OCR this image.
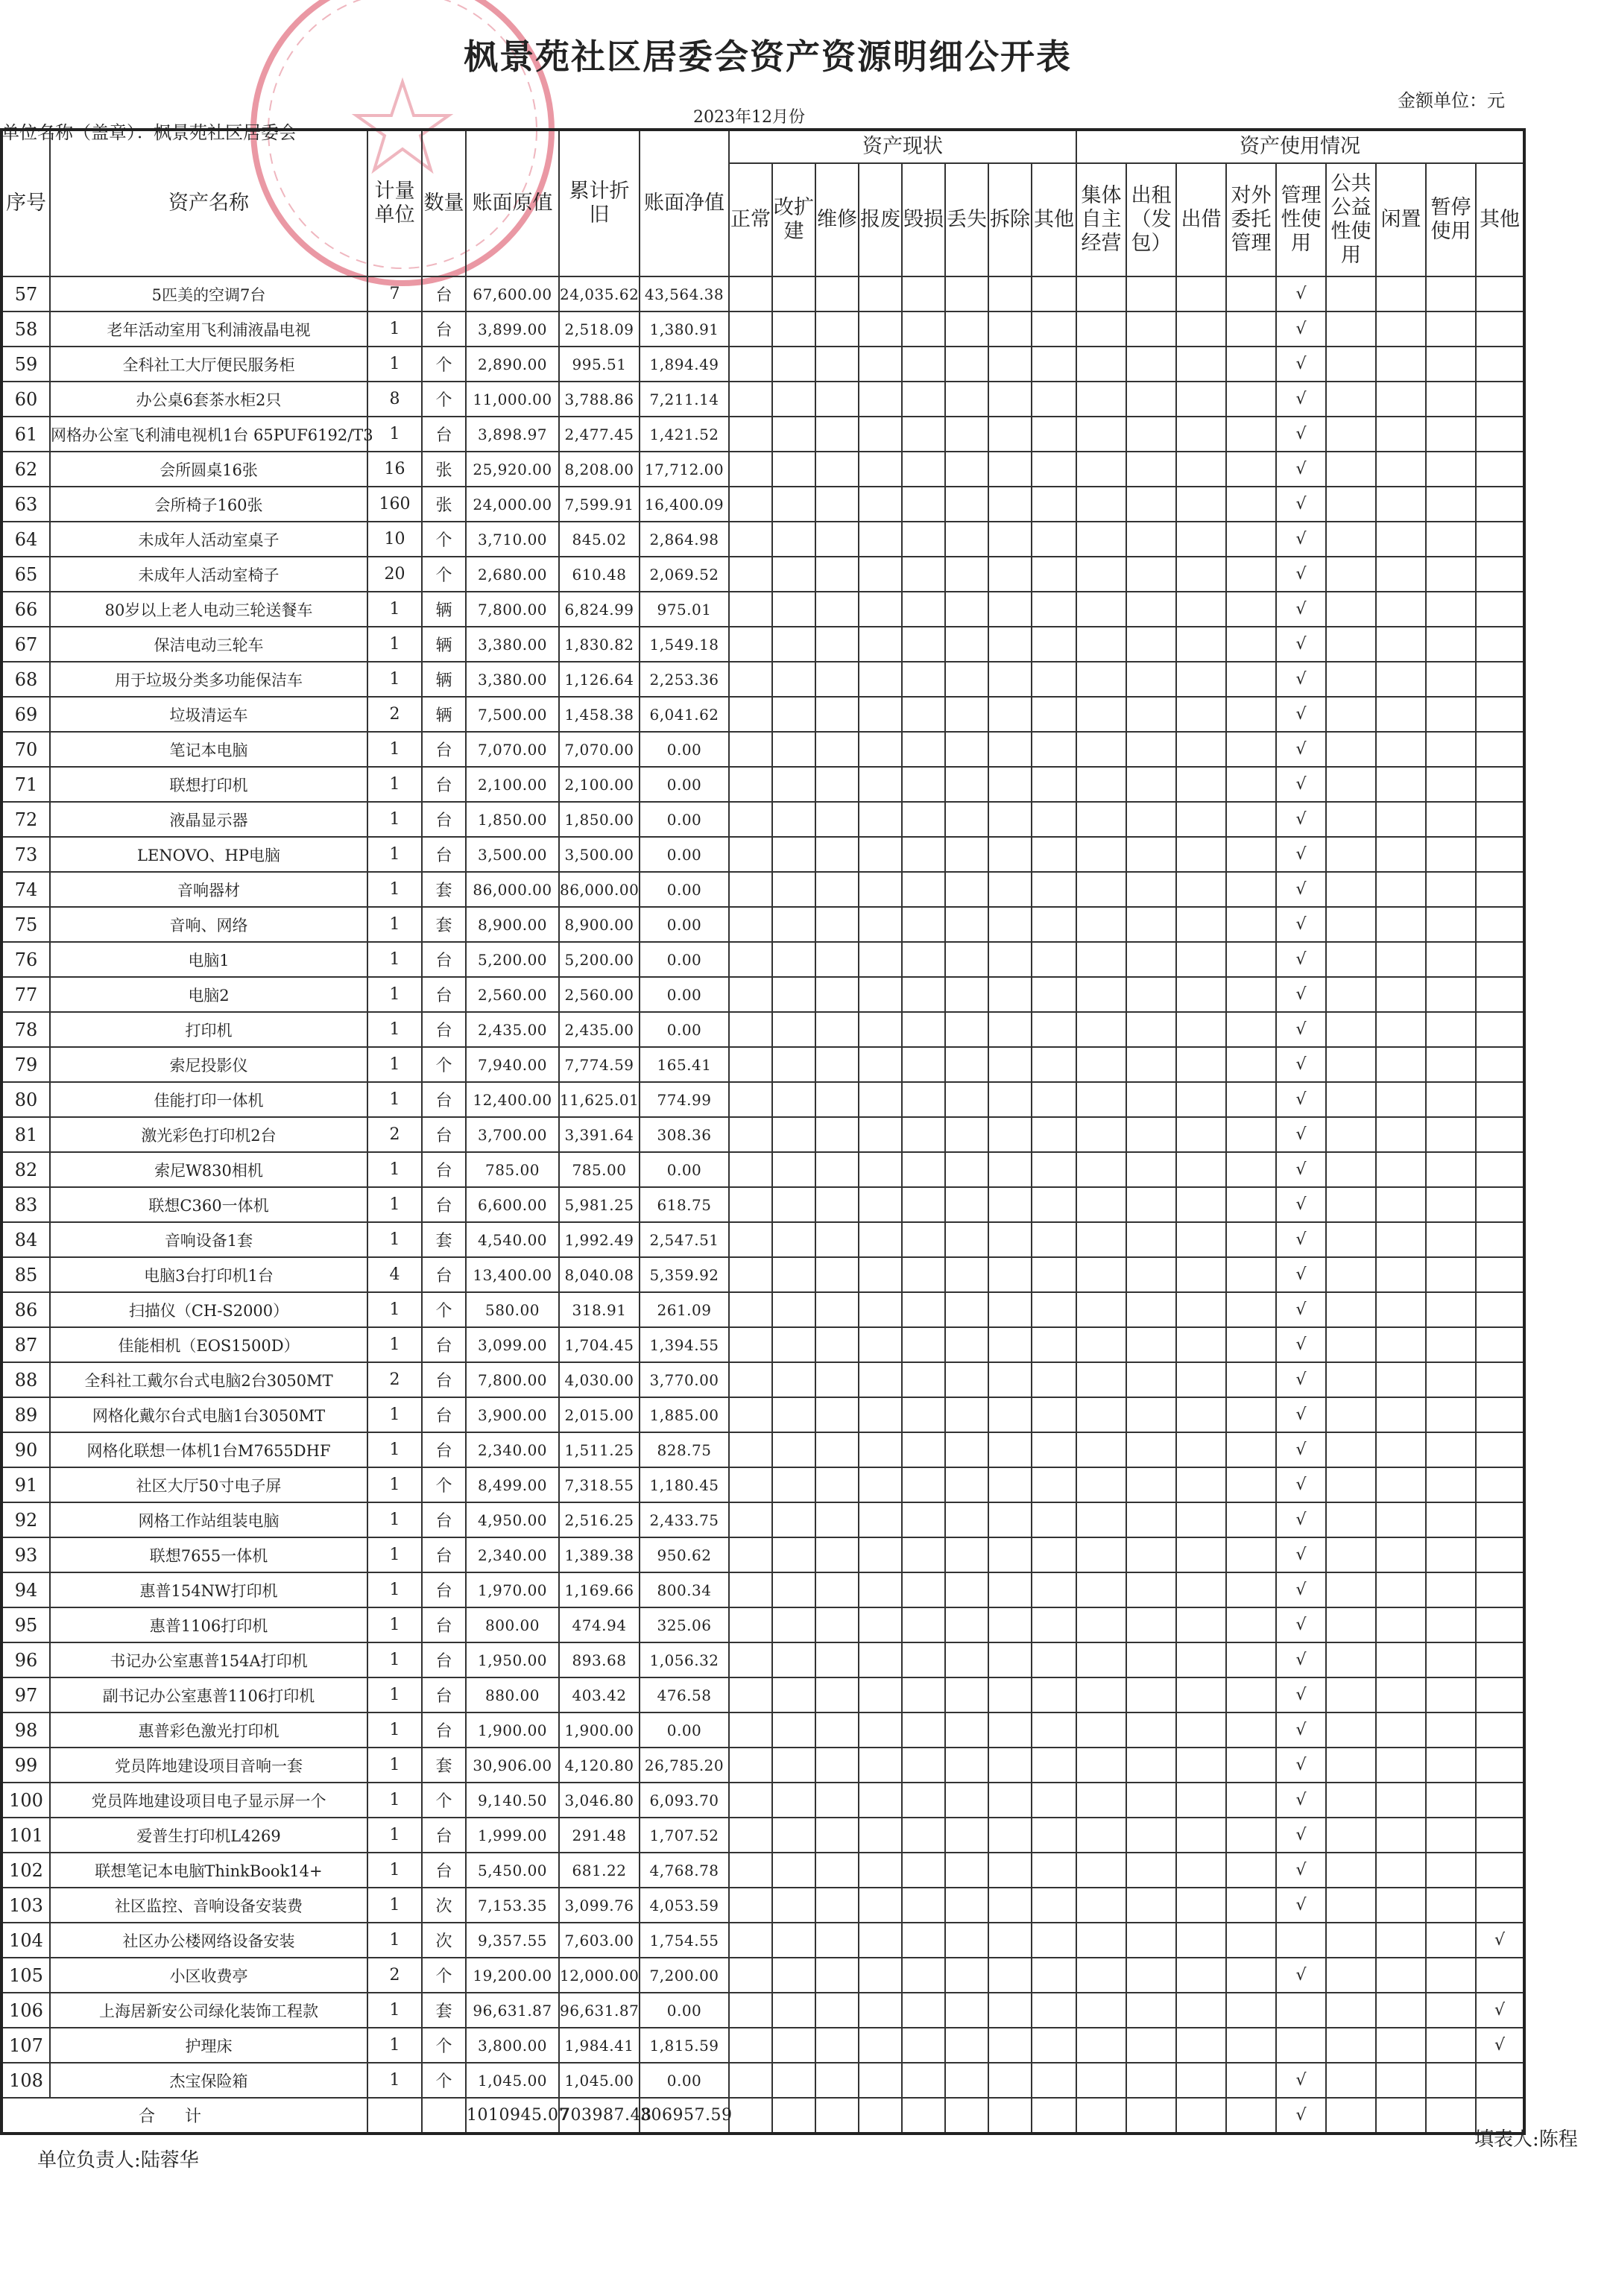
枫景苑社区居委会资产资源明细公开表
金额单位：元
2023年12月份
单位名称（盖章）：枫景苑社区居委会
序号	资产名称	计量单位	数量	账面原值	累计折旧	账面净值	资产现状								资产使用情况								
							正常	改扩建	维修	报废	毁损	丢失	拆除	其他	集体自主经营	出租（发包）	出借	对外委托管理	管理性使用	公共公益性使用	闲置	暂停使用	其他
57	5匹美的空调7台	7	台	67,600.00	24,035.62	43,564.38													√				
58	老年活动室用飞利浦液晶电视	1	台	3,899.00	2,518.09	1,380.91													√				
59	全科社工大厅便民服务柜	1	个	2,890.00	995.51	1,894.49													√				
60	办公桌6套茶水柜2只	8	个	11,000.00	3,788.86	7,211.14													√				
61	网格办公室飞利浦电视机1台 65PUF6192/T3	1	台	3,898.97	2,477.45	1,421.52													√				
62	会所圆桌16张	16	张	25,920.00	8,208.00	17,712.00													√				
63	会所椅子160张	160	张	24,000.00	7,599.91	16,400.09													√				
64	未成年人活动室桌子	10	个	3,710.00	845.02	2,864.98													√				
65	未成年人活动室椅子	20	个	2,680.00	610.48	2,069.52													√				
66	80岁以上老人电动三轮送餐车	1	辆	7,800.00	6,824.99	975.01													√				
67	保洁电动三轮车	1	辆	3,380.00	1,830.82	1,549.18													√				
68	用于垃圾分类多功能保洁车	1	辆	3,380.00	1,126.64	2,253.36													√				
69	垃圾清运车	2	辆	7,500.00	1,458.38	6,041.62													√				
70	笔记本电脑	1	台	7,070.00	7,070.00	0.00													√				
71	联想打印机	1	台	2,100.00	2,100.00	0.00													√				
72	液晶显示器	1	台	1,850.00	1,850.00	0.00													√				
73	LENOVO、HP电脑	1	台	3,500.00	3,500.00	0.00													√				
74	音响器材	1	套	86,000.00	86,000.00	0.00													√				
75	音响、网络	1	套	8,900.00	8,900.00	0.00													√				
76	电脑1	1	台	5,200.00	5,200.00	0.00													√				
77	电脑2	1	台	2,560.00	2,560.00	0.00													√				
78	打印机	1	台	2,435.00	2,435.00	0.00													√				
79	索尼投影仪	1	个	7,940.00	7,774.59	165.41													√				
80	佳能打印一体机	1	台	12,400.00	11,625.01	774.99													√				
81	激光彩色打印机2台	2	台	3,700.00	3,391.64	308.36													√				
82	索尼W830相机	1	台	785.00	785.00	0.00													√				
83	联想C360一体机	1	台	6,600.00	5,981.25	618.75													√				
84	音响设备1套	1	套	4,540.00	1,992.49	2,547.51													√				
85	电脑3台打印机1台	4	台	13,400.00	8,040.08	5,359.92													√				
86	扫描仪（CH-S2000）	1	个	580.00	318.91	261.09													√				
87	佳能相机（EOS1500D）	1	台	3,099.00	1,704.45	1,394.55													√				
88	全科社工戴尔台式电脑2台3050MT	2	台	7,800.00	4,030.00	3,770.00													√				
89	网格化戴尔台式电脑1台3050MT	1	台	3,900.00	2,015.00	1,885.00													√				
90	网格化联想一体机1台M7655DHF	1	台	2,340.00	1,511.25	828.75													√				
91	社区大厅50寸电子屏	1	个	8,499.00	7,318.55	1,180.45													√				
92	网格工作站组装电脑	1	台	4,950.00	2,516.25	2,433.75													√				
93	联想7655一体机	1	台	2,340.00	1,389.38	950.62													√				
94	惠普154NW打印机	1	台	1,970.00	1,169.66	800.34													√				
95	惠普1106打印机	1	台	800.00	474.94	325.06													√				
96	书记办公室惠普154A打印机	1	台	1,950.00	893.68	1,056.32													√				
97	副书记办公室惠普1106打印机	1	台	880.00	403.42	476.58													√				
98	惠普彩色激光打印机	1	台	1,900.00	1,900.00	0.00													√				
99	党员阵地建设项目音响一套	1	套	30,906.00	4,120.80	26,785.20													√				
100	党员阵地建设项目电子显示屏一个	1	个	9,140.50	3,046.80	6,093.70													√				
101	爱普生打印机L4269	1	台	1,999.00	291.48	1,707.52													√				
102	联想笔记本电脑ThinkBook14+	1	台	5,450.00	681.22	4,768.78													√				
103	社区监控、音响设备安装费	1	次	7,153.35	3,099.76	4,053.59													√				
104	社区办公楼网络设备安装	1	次	9,357.55	7,603.00	1,754.55																	√
105	小区收费亭	2	个	19,200.00	12,000.00	7,200.00													√				
106	上海居新安公司绿化装饰工程款	1	套	96,631.87	96,631.87	0.00																	√
107	护理床	1	个	3,800.00	1,984.41	1,815.59																	√
108	杰宝保险箱	1	个	1,045.00	1,045.00	0.00													√				
合计				1010945.07	703987.48	306957.59													√				
单位负责人:陆蓉华
填表人:陈程
